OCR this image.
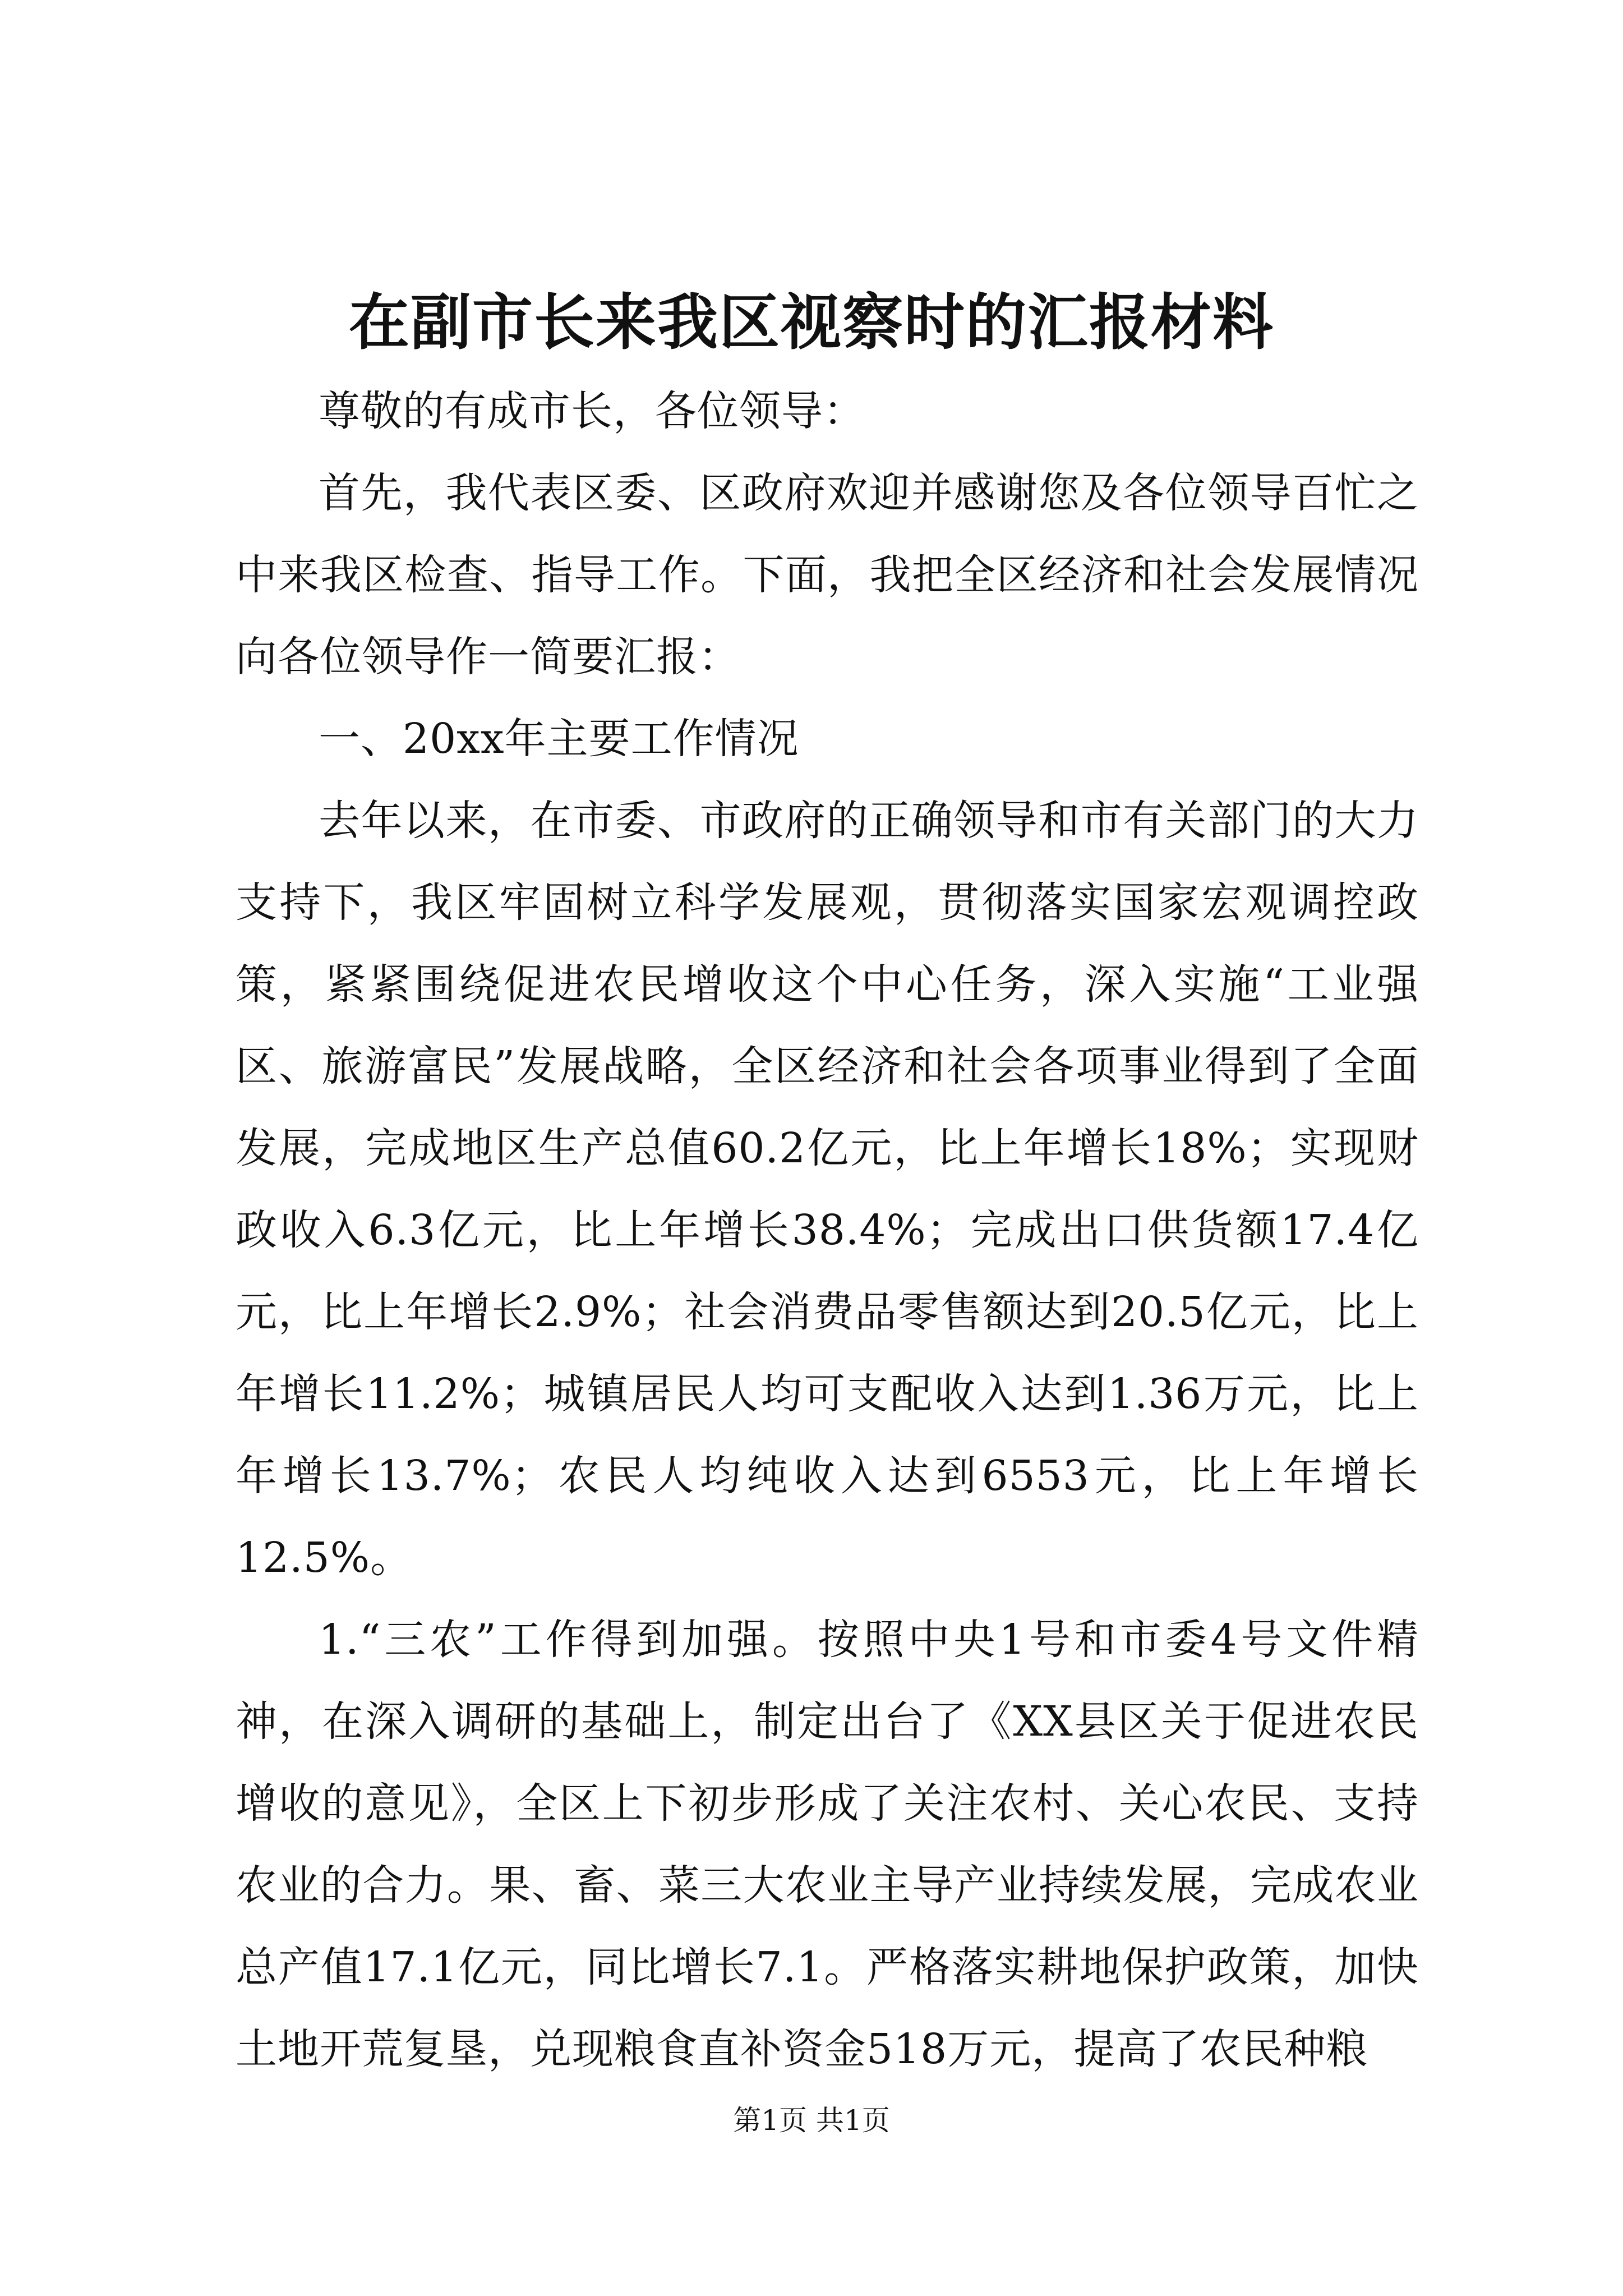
在副市长来我区视察时的汇报材料

尊敬的有成市长，各位领导：

首先，我代表区委、区政府欢迎并感谢您及各位领导百忙之中来我区检查、指导工作。下面，我把全区经济和社会发展情况向各位领导作一简要汇报：

一、20xx年主要工作情况

去年以来，在市委、市政府的正确领导和市有关部门的大力支持下，我区牢固树立科学发展观，贯彻落实国家宏观调控政策，紧紧围绕促进农民增收这个中心任务，深入实施“工业强区、旅游富民”发展战略，全区经济和社会各项事业得到了全面发展，完成地区生产总值60.2亿元，比上年增长18%；实现财政收入6.3亿元，比上年增长38.4%；完成出口供货额17.4亿元，比上年增长2.9%；社会消费品零售额达到20.5亿元，比上年增长11.2%；城镇居民人均可支配收入达到1.36万元，比上年增长13.7%；农民人均纯收入达到6553元，比上年增长12.5%。

1.“三农”工作得到加强。按照中央1号和市委4号文件精神，在深入调研的基础上，制定出台了《XX县区关于促进农民增收的意见》，全区上下初步形成了关注农村、关心农民、支持农业的合力。果、畜、菜三大农业主导产业持续发展，完成农业总产值17.1亿元，同比增长7.1。严格落实耕地保护政策，加快土地开荒复垦，兑现粮食直补资金518万元，提高了农民种粮

第1页 共1页
